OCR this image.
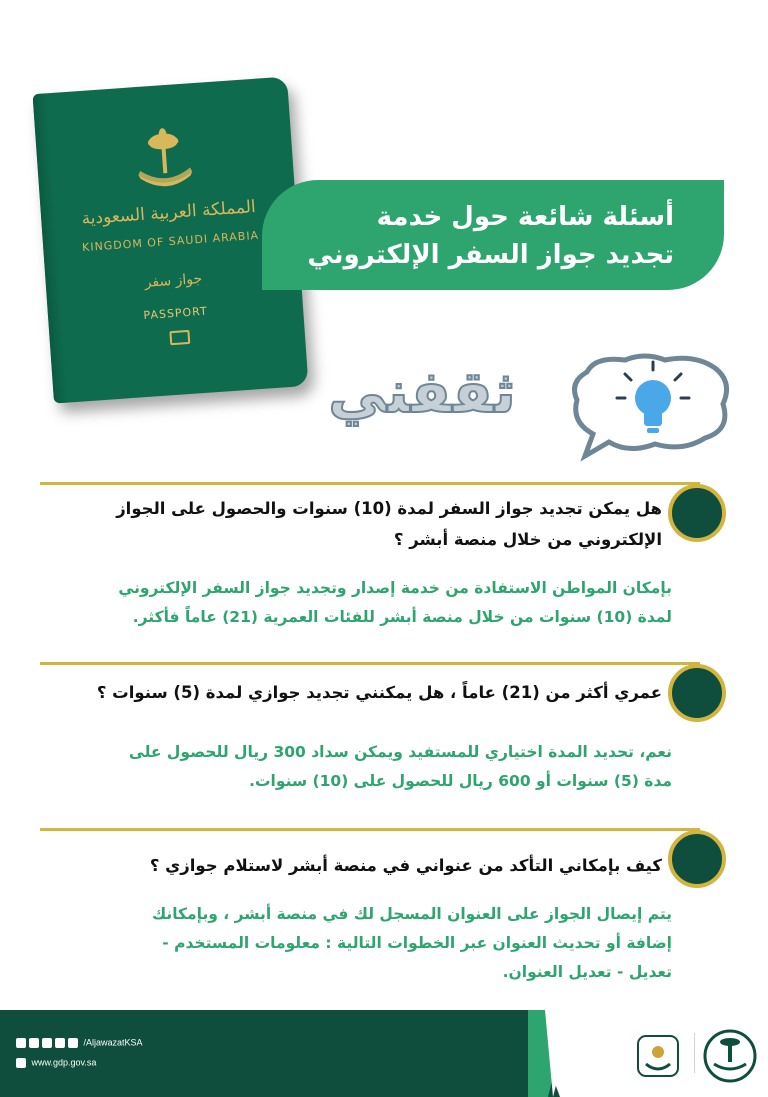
المملكة العربية السعودية
KINGDOM OF SAUDI ARABIA
جواز سفر
PASSPORT
أسئلة شائعة حول خدمة
تجديد جواز السفر الإلكتروني
ثقفني
هل يمكن تجديد جواز السفر لمدة (10) سنوات والحصول على الجواز
الإلكتروني من خلال منصة أبشر ؟
بإمكان المواطن الاستفادة من خدمة إصدار وتجديد جواز السفر الإلكتروني
لمدة (10) سنوات من خلال منصة أبشر للفئات العمرية (21) عاماً فأكثر.
عمري أكثر من (21) عاماً ، هل يمكنني تجديد جوازي لمدة (5) سنوات ؟
نعم، تحديد المدة اختياري للمستفيد ويمكن سداد 300 ريال للحصول على
مدة (5) سنوات أو 600 ريال للحصول على (10) سنوات.
كيف بإمكاني التأكد من عنواني في منصة أبشر لاستلام جوازي ؟
يتم إيصال الجواز على العنوان المسجل لك في منصة أبشر ، وبإمكانك
إضافة أو تحديث العنوان عبر الخطوات التالية : معلومات المستخدم -
تعديل - تعديل العنوان.
/AljawazatKSA
www.gdp.gov.sa
